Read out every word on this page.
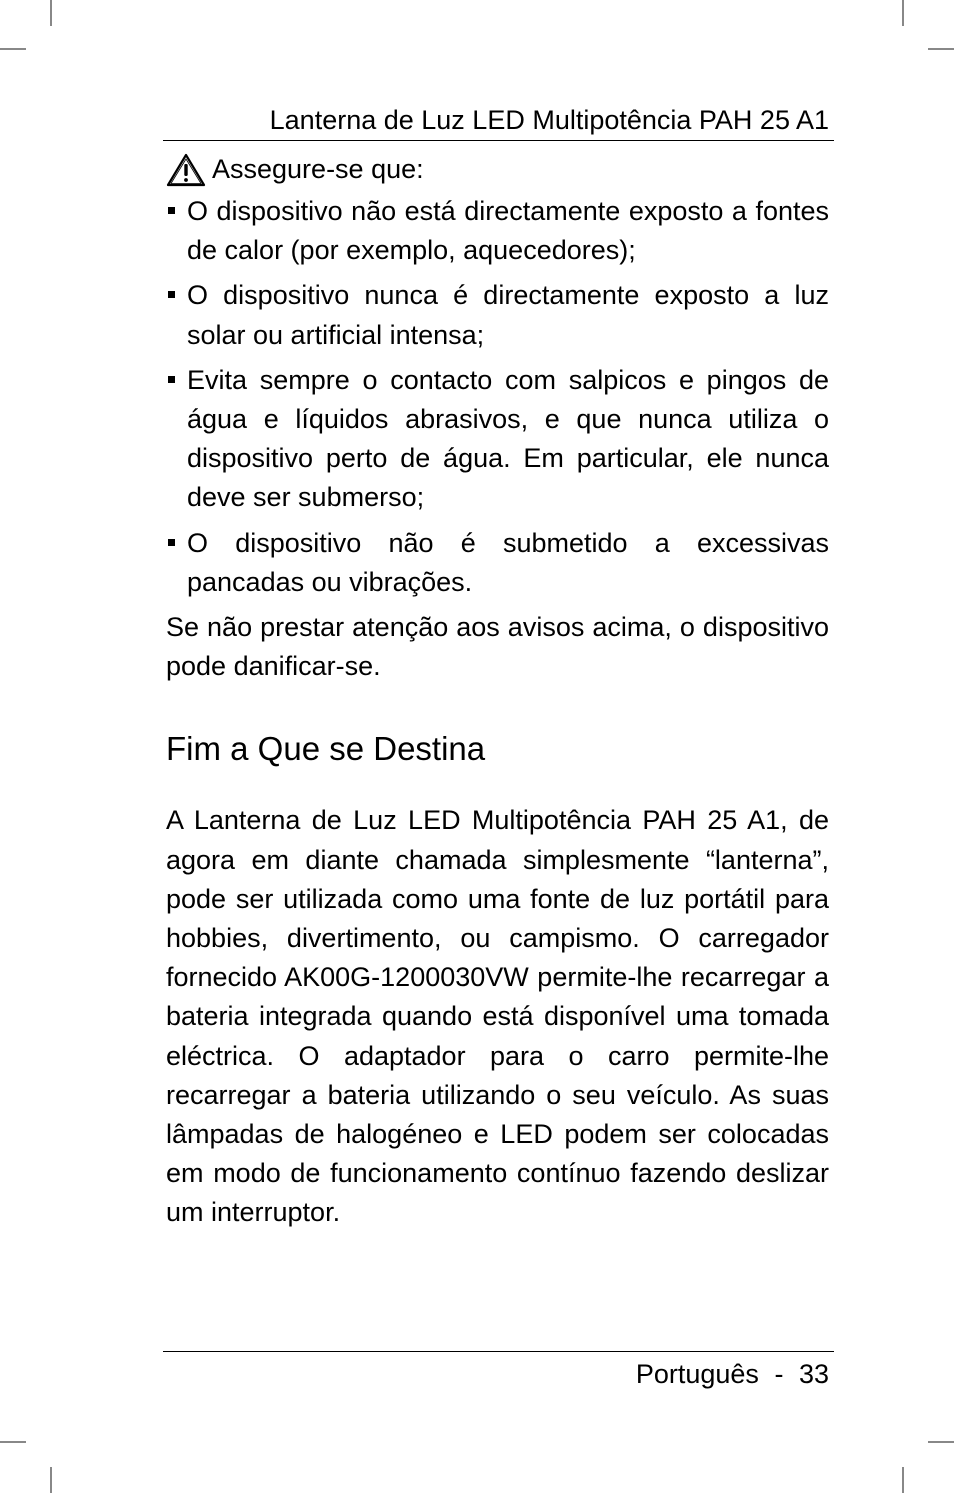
Lanterna de Luz LED Multipotência PAH 25 A1
Assegure-se que:
O dispositivo não está directamente exposto a fontes de calor (por exemplo, aquecedores);
O dispositivo nunca é directamente exposto a luz solar ou artificial intensa;
Evita sempre o contacto com salpicos e pingos de água e líquidos abrasivos, e que nunca utiliza o dispositivo perto de água. Em particular, ele nunca deve ser submerso;
O dispositivo não é submetido a excessivas pancadas ou vibrações.

Se não prestar atenção aos avisos acima, o dispositivo pode danificar-se.

Fim a Que se Destina

A Lanterna de Luz LED Multipotência PAH 25 A1, de agora em diante chamada simplesmente “lanterna”, pode ser utilizada como uma fonte de luz portátil para hobbies, divertimento, ou campismo. O carregador fornecido AK00G-1200030VW permite-lhe recarregar a bateria integrada quando está disponível uma tomada eléctrica. O adaptador para o carro permite-lhe recarregar a bateria utilizando o seu veículo. As suas lâmpadas de halogéneo e LED podem ser colocadas em modo de funcionamento contínuo fazendo deslizar um interruptor.

Português - 33
